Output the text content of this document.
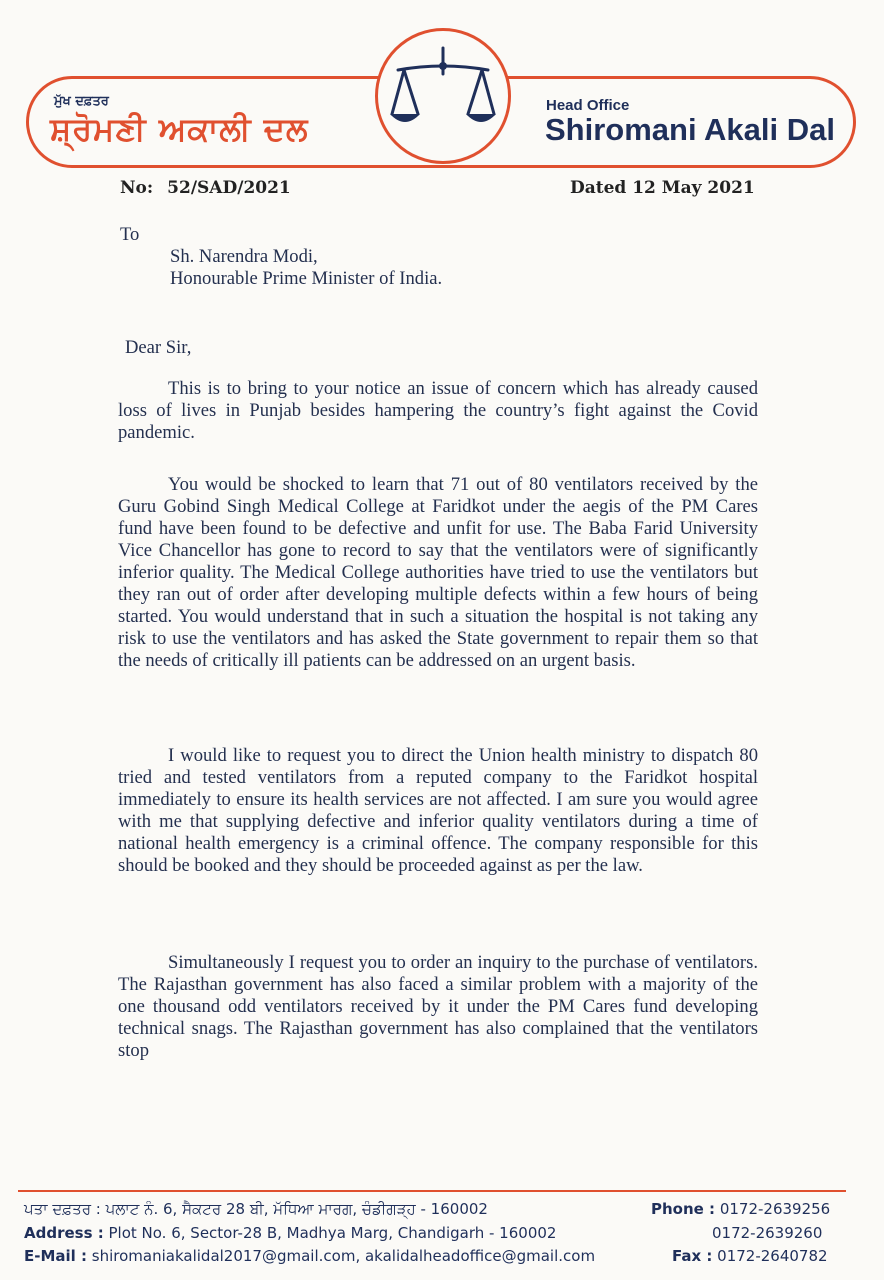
ਮੁੱਖ ਦਫ਼ਤਰ
ਸ਼੍ਰੋਮਣੀ ਅਕਾਲੀ ਦਲ
Head Office
Shiromani Akali Dal
No: 52/SAD/2021	Dated 12 May 2021
To
Sh. Narendra Modi,
Honourable Prime Minister of India.
Dear Sir,

This is to bring to your notice an issue of concern which has already caused loss of lives in Punjab besides hampering the country’s fight against the Covid pandemic.

You would be shocked to learn that 71 out of 80 ventilators received by the Guru Gobind Singh Medical College at Faridkot under the aegis of the PM Cares fund have been found to be defective and unfit for use. The Baba Farid University Vice Chancellor has gone to record to say that the ventilators were of significantly inferior quality. The Medical College authorities have tried to use the ventilators but they ran out of order after developing multiple defects within a few hours of being started. You would understand that in such a situation the hospital is not taking any risk to use the ventilators and has asked the State government to repair them so that the needs of critically ill patients can be addressed on an urgent basis.

I would like to request you to direct the Union health ministry to dispatch 80 tried and tested ventilators from a reputed company to the Faridkot hospital immediately to ensure its health services are not affected. I am sure you would agree with me that supplying defective and inferior quality ventilators during a time of national health emergency is a criminal offence. The company responsible for this should be booked and they should be proceeded against as per the law.

Simultaneously I request you to order an inquiry to the purchase of ventilators. The Rajasthan government has also faced a similar problem with a majority of the one thousand odd ventilators received by it under the PM Cares fund developing technical snags. The Rajasthan government has also complained that the ventilators stop

ਪਤਾ ਦਫ਼ਤਰ : ਪਲਾਟ ਨੰ. 6, ਸੈਕਟਰ 28 ਬੀ, ਮੱਧਿਆ ਮਾਰਗ, ਚੰਡੀਗੜ੍ਹ - 160002
Address : Plot No. 6, Sector-28 B, Madhya Marg, Chandigarh - 160002
E-Mail : shiromaniakalidal2017@gmail.com, akalidalheadoffice@gmail.com
Phone : 0172-2639256
0172-2639260
Fax : 0172-2640782
